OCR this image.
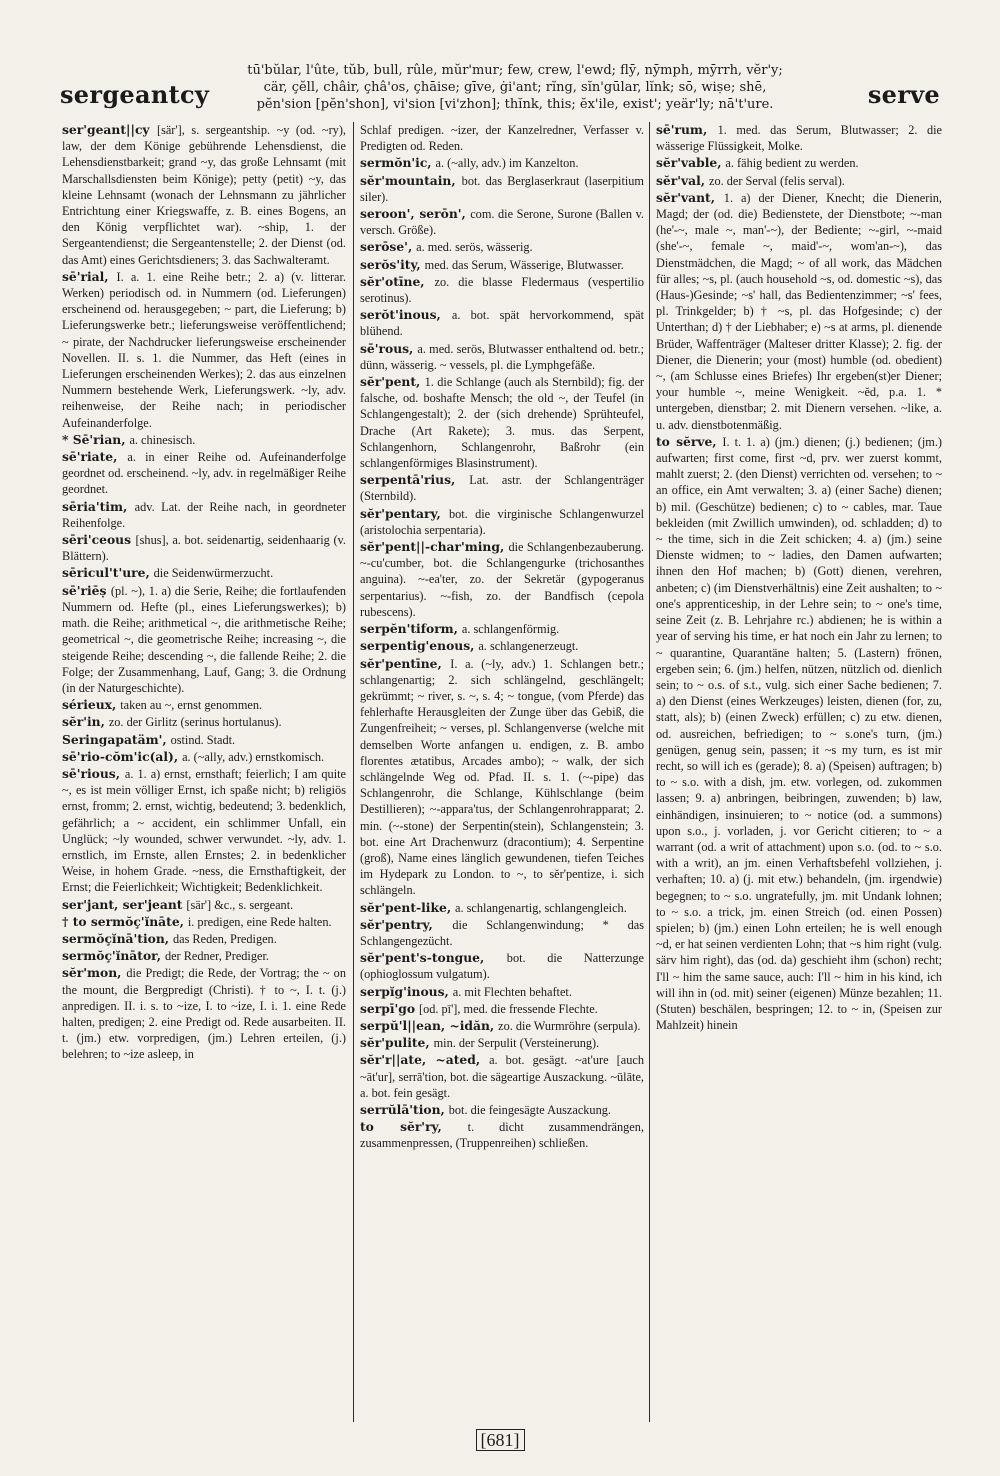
sergeantcy
tū'bŭlar, l'ûte, tŭb, bull, rûle, mŭr'mur; few, crew, l'ewd; flȳ, nȳmph, mȳrrh, vĕr'y; cär, çĕll, châir, çhâ'os, çhāise; gīve, ġi'ant; rĭng, sĭn'gūlar, lĭnk; sō, wiṣe; shē, pĕn'sion [pĕn'shon], vi'sion [vi'zhon]; thĭnk, this; ĕx'ile, exist'; yeär'ly; nā't'ure.	serve
ser'geant||cy [sär'], s. sergeantship. ~y (od. ~ry), law, der dem Könige gebührende Lehensdienst, die Lehensdienstbarkeit; grand ~y, das große Lehnsamt (mit Marschallsdiensten beim Könige); petty (petit) ~y, das kleine Lehnsamt (wonach der Lehnsmann zu jährlicher Entrichtung einer Kriegswaffe, z. B. eines Bogens, an den König verpflichtet war). ~ship, 1. der Sergeantendienst; die Sergeantenstelle; 2. der Dienst (od. das Amt) eines Gerichtsdieners; 3. das Sachwalteramt.
sē'rial, I. a. 1. eine Reihe betr.; 2. a) (v. litterar. Werken) periodisch od. in Nummern (od. Lieferungen) erscheinend od. herausgegeben; ~ part, die Lieferung; b) Lieferungswerke betr.; lieferungsweise veröffentlichend; ~ pirate, der Nachdrucker lieferungsweise erscheinender Novellen. II. s. 1. die Nummer, das Heft (eines in Lieferungen erscheinenden Werkes); 2. das aus einzelnen Nummern bestehende Werk, Lieferungswerk. ~ly, adv. reihenweise, der Reihe nach; in periodischer Aufeinanderfolge.
* Sē'rian, a. chinesisch.
sē'riate, a. in einer Reihe od. Aufeinanderfolge geordnet od. erscheinend. ~ly, adv. in regelmäßiger Reihe geordnet.
sēria'tim, adv. Lat. der Reihe nach, in geordneter Reihenfolge.
sēri'ceous [shus], a. bot. seidenartig, seidenhaarig (v. Blättern).
sēricul't'ure, die Seidenwürmerzucht.
sē'riēṣ (pl. ~), 1. a) die Serie, Reihe; die fortlaufenden Nummern od. Hefte (pl., eines Lieferungswerkes); b) math. die Reihe; arithmetical ~, die arithmetische Reihe; geometrical ~, die geometrische Reihe; increasing ~, die steigende Reihe; descending ~, die fallende Reihe; 2. die Folge; der Zusammenhang, Lauf, Gang; 3. die Ordnung (in der Naturgeschichte).
sérieux, taken au ~, ernst genommen.
sĕr'in, zo. der Girlitz (serinus hortulanus).
Seringapatäm', ostind. Stadt.
sē'rio-cŏm'ic(al), a. (~ally, adv.) ernstkomisch.
sē'rious, a. 1. a) ernst, ernsthaft; feierlich; I am quite ~, es ist mein völliger Ernst, ich spaße nicht; b) religiös ernst, fromm; 2. ernst, wichtig, bedeutend; 3. bedenklich, gefährlich; a ~ accident, ein schlimmer Unfall, ein Unglück; ~ly wounded, schwer verwundet. ~ly, adv. 1. ernstlich, im Ernste, allen Ernstes; 2. in bedenklicher Weise, in hohem Grade. ~ness, die Ernsthaftigkeit, der Ernst; die Feierlichkeit; Wichtigkeit; Bedenklichkeit.
ser'jant, ser'jeant [sär'] &c., s. sergeant.
† to sermŏç'ĭnāte, i. predigen, eine Rede halten.
sermŏçĭnā'tion, das Reden, Predigen.
sermŏç'ĭnātor, der Redner, Prediger.
sĕr'mon, die Predigt; die Rede, der Vortrag; the ~ on the mount, die Bergpredigt (Christi). † to ~, I. t. (j.) anpredigen. II. i. s. to ~ize, I. to ~ize, I. i. 1. eine Rede halten, predigen; 2. eine Predigt od. Rede ausarbeiten. II. t. (jm.) etw. vorpredigen, (jm.) Lehren erteilen, (j.) belehren; to ~ize asleep, in
Schlaf predigen. ~izer, der Kanzelredner, Verfasser v. Predigten od. Reden.
sermŏn'ic, a. (~ally, adv.) im Kanzelton.
sĕr'mountain, bot. das Berglaserkraut (laserpitium siler).
seroon', serōn', com. die Serone, Surone (Ballen v. versch. Größe).
serōse', a. med. serös, wässerig.
serŏs'ity, med. das Serum, Wässerige, Blutwasser.
sĕr'otīne, zo. die blasse Fledermaus (vespertilio serotinus).
serŏt'inous, a. bot. spät hervorkommend, spät blühend.
sē'rous, a. med. serös, Blutwasser enthaltend od. betr.; dünn, wässerig. ~ vessels, pl. die Lymphgefäße.
sĕr'pent, 1. die Schlange (auch als Sternbild); fig. der falsche, od. boshafte Mensch; the old ~, der Teufel (in Schlangengestalt); 2. der (sich drehende) Sprühteufel, Drache (Art Rakete); 3. mus. das Serpent, Schlangenhorn, Schlangenrohr, Baßrohr (ein schlangenförmiges Blasinstrument).
serpentā'rius, Lat. astr. der Schlangenträger (Sternbild).
sĕr'pentary, bot. die virginische Schlangenwurzel (aristolochia serpentaria).
sĕr'pent||-char'ming, die Schlangenbezauberung. ~-cu'cumber, bot. die Schlangengurke (trichosanthes anguina). ~-ea'ter, zo. der Sekretär (gypogeranus serpentarius). ~-fish, zo. der Bandfisch (cepola rubescens).
serpĕn'tiform, a. schlangenförmig.
serpentig'enous, a. schlangenerzeugt.
sĕr'pentīne, I. a. (~ly, adv.) 1. Schlangen betr.; schlangenartig; 2. sich schlängelnd, geschlängelt; gekrümmt; ~ river, s. ~, s. 4; ~ tongue, (vom Pferde) das fehlerhafte Herausgleiten der Zunge über das Gebiß, die Zungenfreiheit; ~ verses, pl. Schlangenverse (welche mit demselben Worte anfangen u. endigen, z. B. ambo florentes ætatibus, Arcades ambo); ~ walk, der sich schlängelnde Weg od. Pfad. II. s. 1. (~-pipe) das Schlangenrohr, die Schlange, Kühlschlange (beim Destillieren); ~-appara'tus, der Schlangenrohrapparat; 2. min. (~-stone) der Serpentin(stein), Schlangenstein; 3. bot. eine Art Drachenwurz (dracontium); 4. Serpentine (groß), Name eines länglich gewundenen, tiefen Teiches im Hydepark zu London. to ~, to sĕr'pentize, i. sich schlängeln.
sĕr'pent-like, a. schlangenartig, schlangengleich.
sĕr'pentry, die Schlangenwindung; * das Schlangengezücht.
sĕr'pent's-tongue, bot. die Natterzunge (ophioglossum vulgatum).
serpĭg'inous, a. mit Flechten behaftet.
serpī'go [od. pī'], med. die fressende Flechte.
serpŭ'l||ean, ~idăn, zo. die Wurmröhre (serpula).
sĕr'pulite, min. der Serpulit (Versteinerung).
sĕr'r||ate, ~ated, a. bot. gesägt. ~at'ure [auch ~āt'ur], serrā'tion, bot. die sägeartige Auszackung. ~ūlāte, a. bot. fein gesägt.
serrŭlā'tion, bot. die feingesägte Auszackung.
to sĕr'ry, t. dicht zusammendrängen, zusammenpressen, (Truppenreihen) schließen.
sē'rum, 1. med. das Serum, Blutwasser; 2. die wässerige Flüssigkeit, Molke.
sĕr'vable, a. fähig bedient zu werden.
sĕr'val, zo. der Serval (felis serval).
sĕr'vant, 1. a) der Diener, Knecht; die Dienerin, Magd; der (od. die) Bedienstete, der Dienstbote; ~-man (he'-~, male ~, man'-~), der Bediente; ~-girl, ~-maid (she'-~, female ~, maid'-~, wom'an-~), das Dienstmädchen, die Magd; ~ of all work, das Mädchen für alles; ~s, pl. (auch household ~s, od. domestic ~s), das (Haus-)Gesinde; ~s' hall, das Bedientenzimmer; ~s' fees, pl. Trinkgelder; b) † ~s, pl. das Hofgesinde; c) der Unterthan; d) † der Liebhaber; e) ~s at arms, pl. dienende Brüder, Waffenträger (Malteser dritter Klasse); 2. fig. der Diener, die Dienerin; your (most) humble (od. obedient) ~, (am Schlusse eines Briefes) Ihr ergeben(st)er Diener; your humble ~, meine Wenigkeit. ~ĕd, p.a. 1. * untergeben, dienstbar; 2. mit Dienern versehen. ~like, a. u. adv. dienstbotenmäßig.
to sĕrve, I. t. 1. a) (jm.) dienen; (j.) bedienen; (jm.) aufwarten; first come, first ~d, prv. wer zuerst kommt, mahlt zuerst; 2. (den Dienst) verrichten od. versehen; to ~ an office, ein Amt verwalten; 3. a) (einer Sache) dienen; b) mil. (Geschütze) bedienen; c) to ~ cables, mar. Taue bekleiden (mit Zwillich umwinden), od. schladden; d) to ~ the time, sich in die Zeit schicken; 4. a) (jm.) seine Dienste widmen; to ~ ladies, den Damen aufwarten; ihnen den Hof machen; b) (Gott) dienen, verehren, anbeten; c) (im Dienstverhältnis) eine Zeit aushalten; to ~ one's apprenticeship, in der Lehre sein; to ~ one's time, seine Zeit (z. B. Lehrjahre rc.) abdienen; he is within a year of serving his time, er hat noch ein Jahr zu lernen; to ~ quarantine, Quarantäne halten; 5. (Lastern) frönen, ergeben sein; 6. (jm.) helfen, nützen, nützlich od. dienlich sein; to ~ o.s. of s.t., vulg. sich einer Sache bedienen; 7. a) den Dienst (eines Werkzeuges) leisten, dienen (for, zu, statt, als); b) (einen Zweck) erfüllen; c) zu etw. dienen, od. ausreichen, befriedigen; to ~ s.one's turn, (jm.) genügen, genug sein, passen; it ~s my turn, es ist mir recht, so will ich es (gerade); 8. a) (Speisen) auftragen; b) to ~ s.o. with a dish, jm. etw. vorlegen, od. zukommen lassen; 9. a) anbringen, beibringen, zuwenden; b) law, einhändigen, insinuieren; to ~ notice (od. a summons) upon s.o., j. vorladen, j. vor Gericht citieren; to ~ a warrant (od. a writ of attachment) upon s.o. (od. to ~ s.o. with a writ), an jm. einen Verhaftsbefehl vollziehen, j. verhaften; 10. a) (j. mit etw.) behandeln, (jm. irgendwie) begegnen; to ~ s.o. ungratefully, jm. mit Undank lohnen; to ~ s.o. a trick, jm. einen Streich (od. einen Possen) spielen; b) (jm.) einen Lohn erteilen; he is well enough ~d, er hat seinen verdienten Lohn; that ~s him right (vulg. särv him right), das (od. da) geschieht ihm (schon) recht; I'll ~ him the same sauce, auch: I'll ~ him in his kind, ich will ihn in (od. mit) seiner (eigenen) Münze bezahlen; 11. (Stuten) beschälen, bespringen; 12. to ~ in, (Speisen zur Mahlzeit) hinein
[681]
